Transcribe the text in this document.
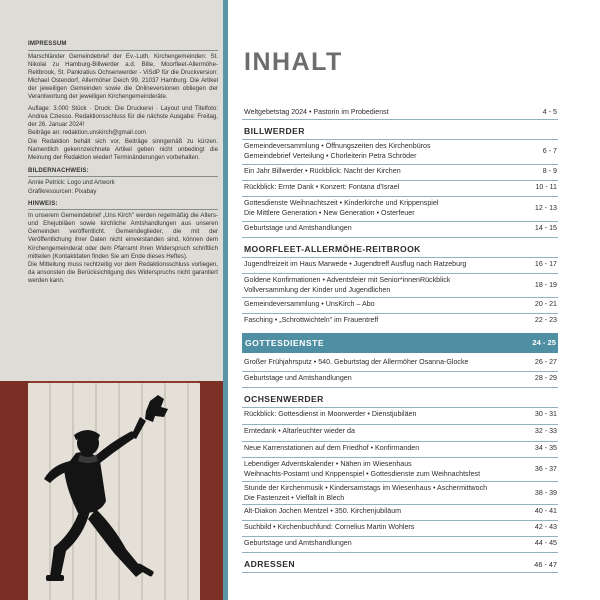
IMPRESSUM

Marschländer Gemeindebrief der Ev.-Luth. Kirchengemeinden: St. Nikolai zu Hamburg-Billwerder a.d. Bille, Moorfleet-Allermöhe-Reitbrook, St. Pankratius Ochsenwerder - ViSdP für die Druckversion: Michael Ostendorf, Allermöher Deich 99, 21037 Hamburg. Die Artikel der jeweiligen Gemeinden sowie die Onlineversionen obliegen der Verantwortung der jeweiligen Kirchengemeinderäte.

Auflage: 3.000 Stück · Druck: Die Druckerei · Layout und Titelfoto: Andrea Cziesso. Redaktionsschluss für die nächste Ausgabe: Freitag, der 26. Januar 2024!

Beiträge an: redaktion.unskirch@gmail.com

Die Redaktion behält sich vor, Beiträge sinngemäß zu kürzen. Namentlich gekennzeichnete Artikel geben nicht unbedingt die Meinung der Redaktion wieder! Terminänderungen vorbehalten.

BILDERNACHWEIS:
Annie Petrick: Logo und Artwork
Grafikresourcen: Pixabay
HINWEIS:

In unserem Gemeindebrief „Uns Kirch" werden regelmäßig die Alters- und Ehejubiläen sowie kirchliche Amtshandlungen aus unseren Gemeinden veröffentlicht. Gemeindeglieder, die mit der Veröffentlichung ihrer Daten nicht einverstanden sind, können dem Kirchengemeinderat oder dem Pfarramt ihren Widerspruch schriftlich mitteilen (Kontaktdaten finden Sie am Ende dieses Heftes).

Die Mitteilung muss rechtzeitig vor dem Redaktionsschluss vorliegen, da ansonsten die Berücksichtigung des Widerspruchs nicht garantiert werden kann.

INHALT
Weltgebetstag 2024 • Pastorin im Probedienst	4 - 5
BILLWERDER
Gemeindeversammlung • Öffnungszeiten des Kirchenbüros
Gemeindebrief Verteilung • Chorleiterin Petra Schröder
6 - 7
Ein Jahr Billwerder • Rückblick: Nacht der Kirchen	8 - 9
Rückblick: Ernte Dank • Konzert: Fontana d'Israel	10 - 11
Gottesdienste Weihnachtszeit • Kinderkirche und Krippenspiel
Die Mittlere Generation • New Generation • Osterfeuer
12 - 13
Geburtstage und Amtshandlungen	14 - 15
MOORFLEET-ALLERMÖHE-REITBROOK
Jugendfreizeit im Haus Marwede • Jugendtreff Ausflug nach Ratzeburg	16 - 17
Goldene Konfirmationen • Adventsfeier mit Senior*innenRückblick
Vollversammlung der Kinder und Jugendlichen
18 - 19
Gemeindeversammlung • UnsKirch – Abo	20 - 21
Fasching • „Schrottwichteln" im Frauentreff	22 - 23
GOTTESDIENSTE	24 - 25
Großer Frühjahrsputz • 540. Geburtstag der Allermöher Osanna-Glocke	26 - 27
Geburtstage und Amtshandlungen	28 - 29
OCHSENWERDER
Rückblick: Gottesdienst in Moorwerder • Dienstjubiläen	30 - 31
Erntedank • Altarleuchter wieder da	32 - 33
Neue Karrenstationen auf dem Friedhof • Konfirmanden	34 - 35
Lebendiger Adventskalender • Nähen im Wiesenhaus
Weihnachts-Postamt und Krippenspiel • Gottesdienste zum Weihnachtsfest
36 - 37
Stunde der Kirchenmusik • Kindersamstags im Wiesenhaus • Aschermittwoch
Die Fastenzeit • Vielfalt in Blech
38 - 39
Alt-Diakon Jochen Mentzel • 350. Kirchenjubiläum	40 - 41
Suchbild • Kirchenbuchfund: Cornelius Martin Wohlers	42 - 43
Geburtstage und Amtshandlungen	44 - 45
ADRESSEN	46 - 47
